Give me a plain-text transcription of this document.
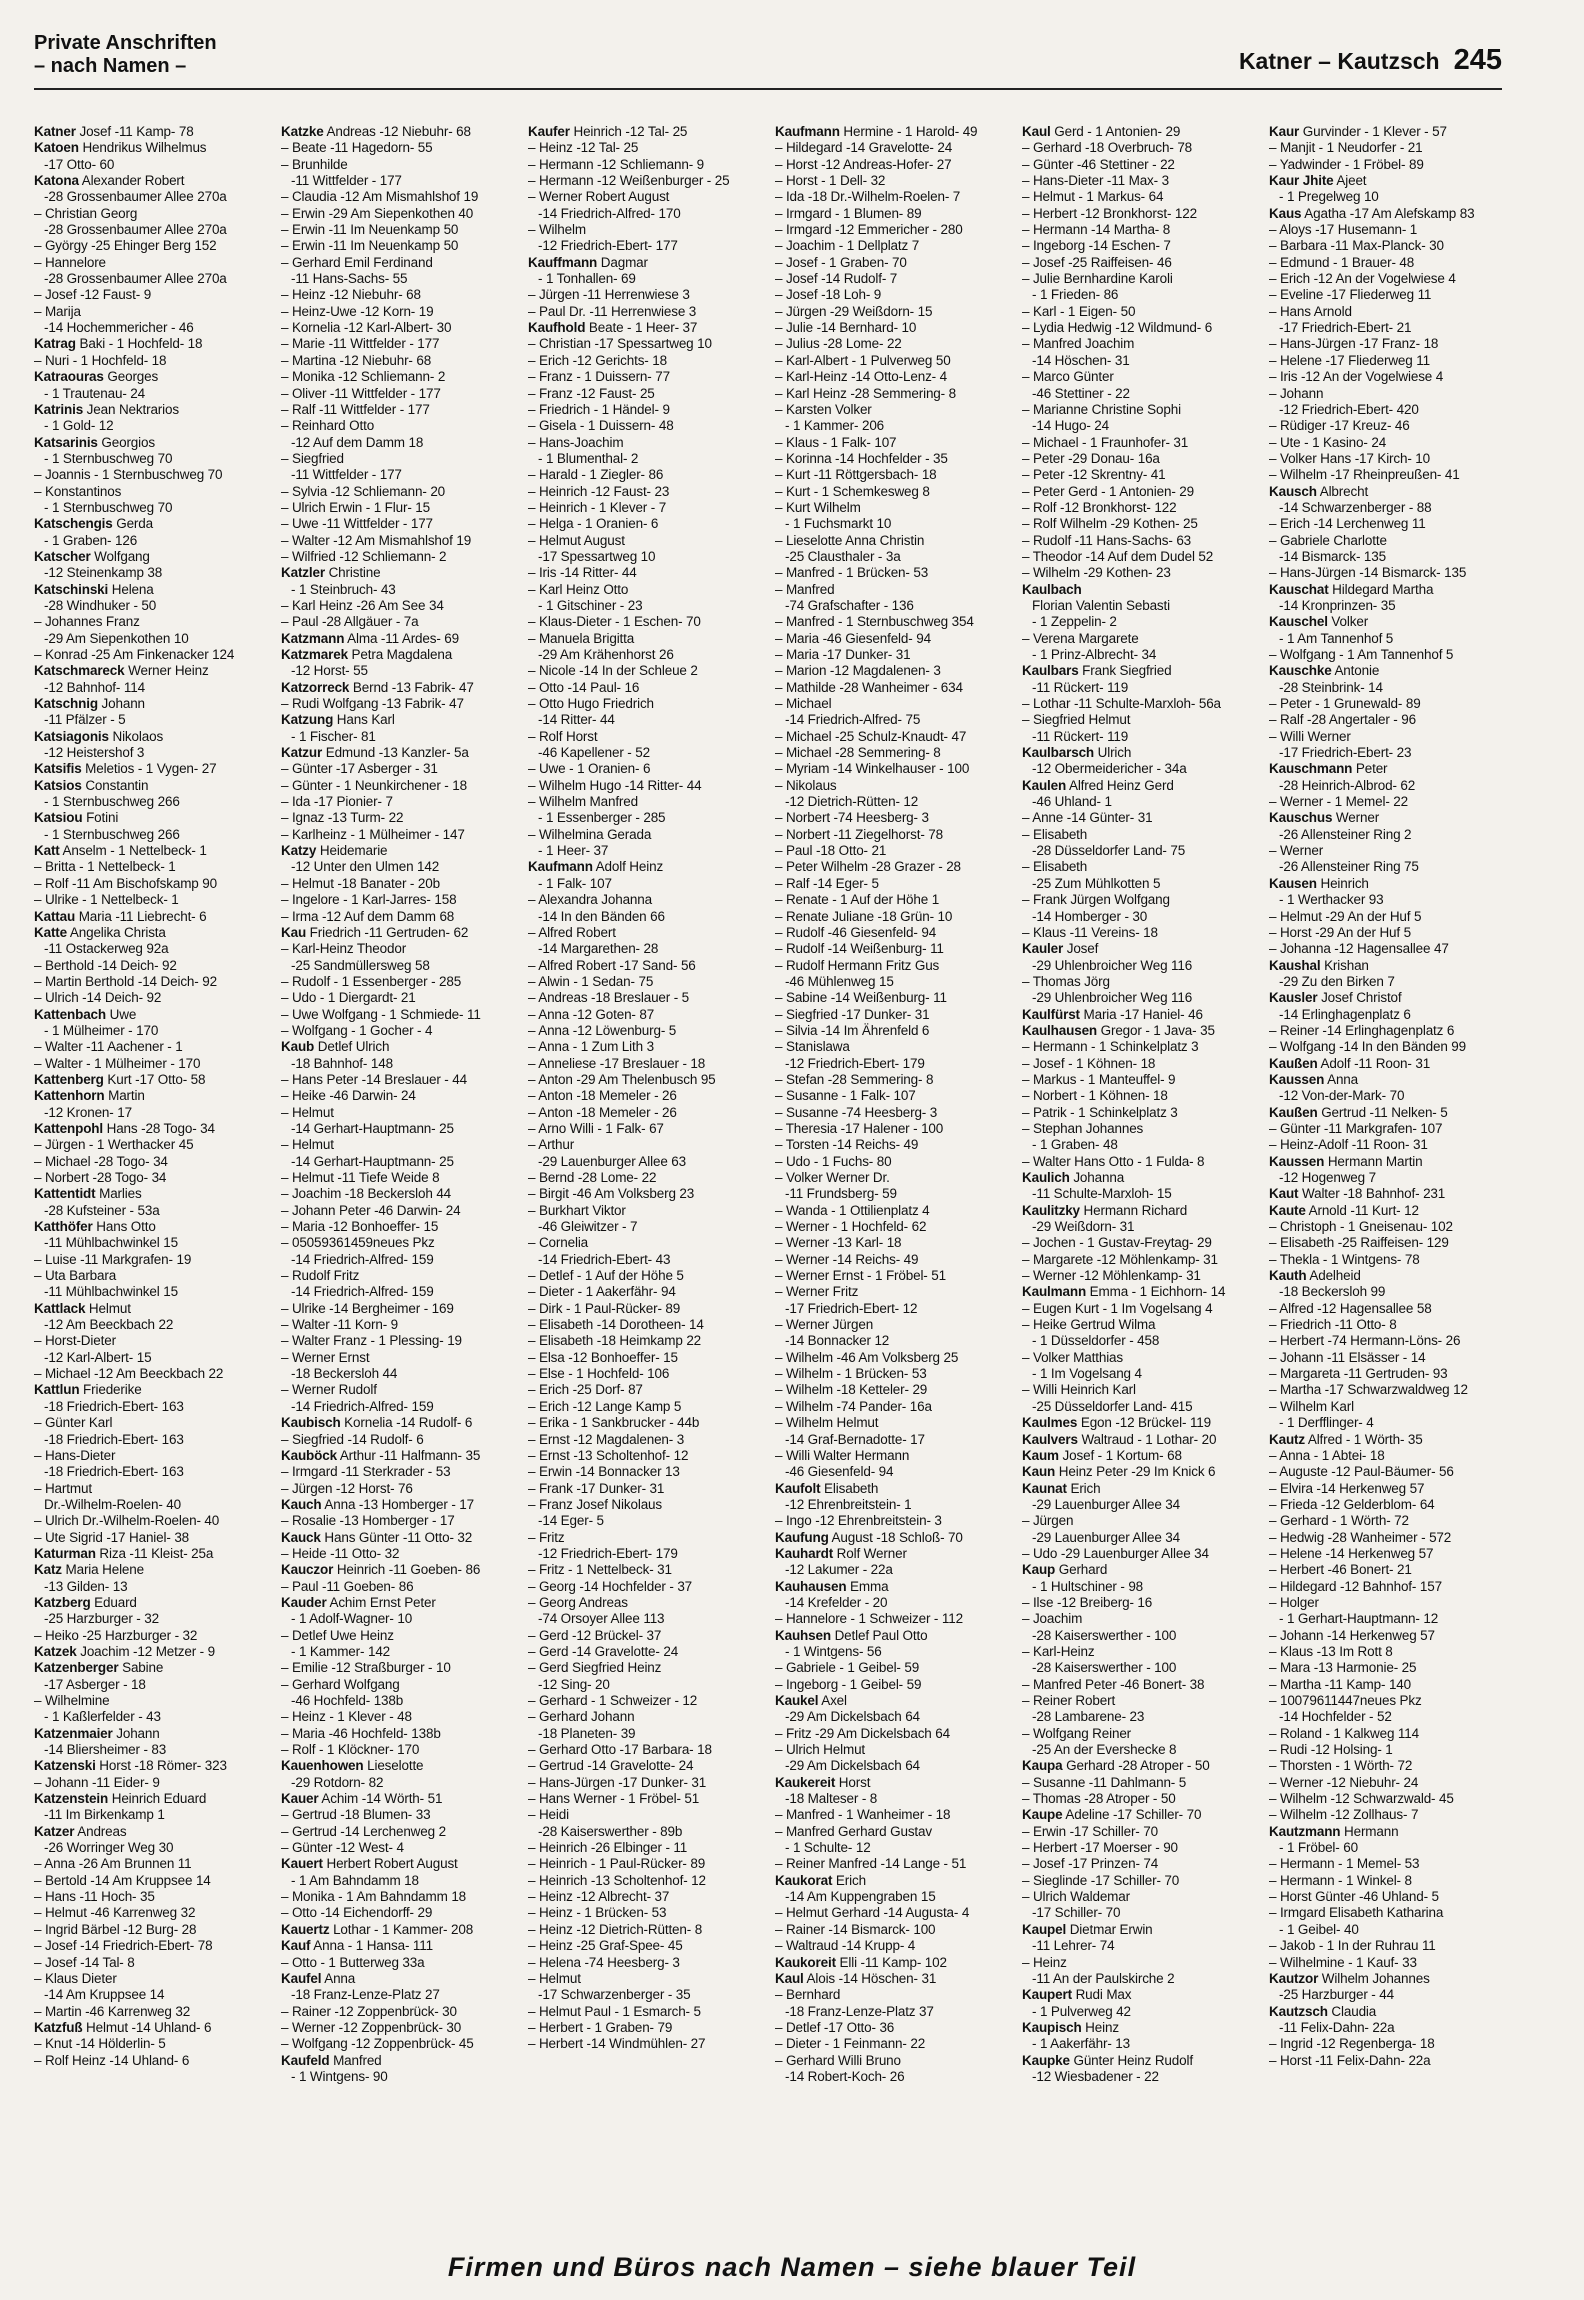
Private Anschriften
– nach Namen –	Katner – Kautzsch 245
Katner Josef -11 Kamp- 78
Katoen Hendrikus Wilhelmus
-17 Otto- 60
Katona Alexander Robert
-28 Grossenbaumer Allee 270a
– Christian Georg
-28 Grossenbaumer Allee 270a
– György -25 Ehinger Berg 152
– Hannelore
-28 Grossenbaumer Allee 270a
– Josef -12 Faust- 9
– Marija
-14 Hochemmericher - 46
Katrag Baki - 1 Hochfeld- 18
– Nuri - 1 Hochfeld- 18
Katraouras Georges
- 1 Trautenau- 24
Katrinis Jean Nektrarios
- 1 Gold- 12
Katsarinis Georgios
- 1 Sternbuschweg 70
– Joannis - 1 Sternbuschweg 70
– Konstantinos
- 1 Sternbuschweg 70
Katschengis Gerda
- 1 Graben- 126
Katscher Wolfgang
-12 Steinenkamp 38
Katschinski Helena
-28 Windhuker - 50
– Johannes Franz
-29 Am Siepenkothen 10
– Konrad -25 Am Finkenacker 124
Katschmareck Werner Heinz
-12 Bahnhof- 114
Katschnig Johann
-11 Pfälzer - 5
Katsiagonis Nikolaos
-12 Heistershof 3
Katsifis Meletios - 1 Vygen- 27
Katsios Constantin
- 1 Sternbuschweg 266
Katsiou Fotini
- 1 Sternbuschweg 266
Katt Anselm - 1 Nettelbeck- 1
– Britta - 1 Nettelbeck- 1
– Rolf -11 Am Bischofskamp 90
– Ulrike - 1 Nettelbeck- 1
Kattau Maria -11 Liebrecht- 6
Katte Angelika Christa
-11 Ostackerweg 92a
– Berthold -14 Deich- 92
– Martin Berthold -14 Deich- 92
– Ulrich -14 Deich- 92
Kattenbach Uwe
- 1 Mülheimer - 170
– Walter -11 Aachener - 1
– Walter - 1 Mülheimer - 170
Kattenberg Kurt -17 Otto- 58
Kattenhorn Martin
-12 Kronen- 17
Kattenpohl Hans -28 Togo- 34
– Jürgen - 1 Werthacker 45
– Michael -28 Togo- 34
– Norbert -28 Togo- 34
Kattentidt Marlies
-28 Kufsteiner - 53a
Katthöfer Hans Otto
-11 Mühlbachwinkel 15
– Luise -11 Markgrafen- 19
– Uta Barbara
-11 Mühlbachwinkel 15
Kattlack Helmut
-12 Am Beeckbach 22
– Horst-Dieter
-12 Karl-Albert- 15
– Michael -12 Am Beeckbach 22
Kattlun Friederike
-18 Friedrich-Ebert- 163
– Günter Karl
-18 Friedrich-Ebert- 163
– Hans-Dieter
-18 Friedrich-Ebert- 163
– Hartmut
Dr.-Wilhelm-Roelen- 40
– Ulrich Dr.-Wilhelm-Roelen- 40
– Ute Sigrid -17 Haniel- 38
Katurman Riza -11 Kleist- 25a
Katz Maria Helene
-13 Gilden- 13
Katzberg Eduard
-25 Harzburger - 32
– Heiko -25 Harzburger - 32
Katzek Joachim -12 Metzer - 9
Katzenberger Sabine
-17 Asberger - 18
– Wilhelmine
- 1 Kaßlerfelder - 43
Katzenmaier Johann
-14 Bliersheimer - 83
Katzenski Horst -18 Römer- 323
– Johann -11 Eider- 9
Katzenstein Heinrich Eduard
-11 Im Birkenkamp 1
Katzer Andreas
-26 Worringer Weg 30
– Anna -26 Am Brunnen 11
– Bertold -14 Am Kruppsee 14
– Hans -11 Hoch- 35
– Helmut -46 Karrenweg 32
– Ingrid Bärbel -12 Burg- 28
– Josef -14 Friedrich-Ebert- 78
– Josef -14 Tal- 8
– Klaus Dieter
-14 Am Kruppsee 14
– Martin -46 Karrenweg 32
Katzfuß Helmut -14 Uhland- 6
– Knut -14 Hölderlin- 5
– Rolf Heinz -14 Uhland- 6
Katzke Andreas -12 Niebuhr- 68
– Beate -11 Hagedorn- 55
– Brunhilde
-11 Wittfelder - 177
– Claudia -12 Am Mismahlshof 19
– Erwin -29 Am Siepenkothen 40
– Erwin -11 Im Neuenkamp 50
– Erwin -11 Im Neuenkamp 50
– Gerhard Emil Ferdinand
-11 Hans-Sachs- 55
– Heinz -12 Niebuhr- 68
– Heinz-Uwe -12 Korn- 19
– Kornelia -12 Karl-Albert- 30
– Marie -11 Wittfelder - 177
– Martina -12 Niebuhr- 68
– Monika -12 Schliemann- 2
– Oliver -11 Wittfelder - 177
– Ralf -11 Wittfelder - 177
– Reinhard Otto
-12 Auf dem Damm 18
– Siegfried
-11 Wittfelder - 177
– Sylvia -12 Schliemann- 20
– Ulrich Erwin - 1 Flur- 15
– Uwe -11 Wittfelder - 177
– Walter -12 Am Mismahlshof 19
– Wilfried -12 Schliemann- 2
Katzler Christine
- 1 Steinbruch- 43
– Karl Heinz -26 Am See 34
– Paul -28 Allgäuer - 7a
Katzmann Alma -11 Ardes- 69
Katzmarek Petra Magdalena
-12 Horst- 55
Katzorreck Bernd -13 Fabrik- 47
– Rudi Wolfgang -13 Fabrik- 47
Katzung Hans Karl
- 1 Fischer- 81
Katzur Edmund -13 Kanzler- 5a
– Günter -17 Asberger - 31
– Günter - 1 Neunkirchener - 18
– Ida -17 Pionier- 7
– Ignaz -13 Turm- 22
– Karlheinz - 1 Mülheimer - 147
Katzy Heidemarie
-12 Unter den Ulmen 142
– Helmut -18 Banater - 20b
– Ingelore - 1 Karl-Jarres- 158
– Irma -12 Auf dem Damm 68
Kau Friedrich -11 Gertruden- 62
– Karl-Heinz Theodor
-25 Sandmüllersweg 58
– Rudolf - 1 Essenberger - 285
– Udo - 1 Diergardt- 21
– Uwe Wolfgang - 1 Schmiede- 11
– Wolfgang - 1 Gocher - 4
Kaub Detlef Ulrich
-18 Bahnhof- 148
– Hans Peter -14 Breslauer - 44
– Heike -46 Darwin- 24
– Helmut
-14 Gerhart-Hauptmann- 25
– Helmut
-14 Gerhart-Hauptmann- 25
– Helmut -11 Tiefe Weide 8
– Joachim -18 Beckersloh 44
– Johann Peter -46 Darwin- 24
– Maria -12 Bonhoeffer- 15
– 05059361459neues Pkz
-14 Friedrich-Alfred- 159
– Rudolf Fritz
-14 Friedrich-Alfred- 159
– Ulrike -14 Bergheimer - 169
– Walter -11 Korn- 9
– Walter Franz - 1 Plessing- 19
– Werner Ernst
-18 Beckersloh 44
– Werner Rudolf
-14 Friedrich-Alfred- 159
Kaubisch Kornelia -14 Rudolf- 6
– Siegfried -14 Rudolf- 6
Kauböck Arthur -11 Halfmann- 35
– Irmgard -11 Sterkrader - 53
– Jürgen -12 Horst- 76
Kauch Anna -13 Homberger - 17
– Rosalie -13 Homberger - 17
Kauck Hans Günter -11 Otto- 32
– Heide -11 Otto- 32
Kauczor Heinrich -11 Goeben- 86
– Paul -11 Goeben- 86
Kauder Achim Ernst Peter
- 1 Adolf-Wagner- 10
– Detlef Uwe Heinz
- 1 Kammer- 142
– Emilie -12 Straßburger - 10
– Gerhard Wolfgang
-46 Hochfeld- 138b
– Heinz - 1 Klever - 48
– Maria -46 Hochfeld- 138b
– Rolf - 1 Klöckner- 170
Kauenhowen Lieselotte
-29 Rotdorn- 82
Kauer Achim -14 Wörth- 51
– Gertrud -18 Blumen- 33
– Gertrud -14 Lerchenweg 2
– Günter -12 West- 4
Kauert Herbert Robert August
- 1 Am Bahndamm 18
– Monika - 1 Am Bahndamm 18
– Otto -14 Eichendorff- 29
Kauertz Lothar - 1 Kammer- 208
Kauf Anna - 1 Hansa- 111
– Otto - 1 Butterweg 33a
Kaufel Anna
-18 Franz-Lenze-Platz 27
– Rainer -12 Zoppenbrück- 30
– Werner -12 Zoppenbrück- 30
– Wolfgang -12 Zoppenbrück- 45
Kaufeld Manfred
- 1 Wintgens- 90
Kaufer Heinrich -12 Tal- 25
– Heinz -12 Tal- 25
– Hermann -12 Schliemann- 9
– Hermann -12 Weißenburger - 25
– Werner Robert August
-14 Friedrich-Alfred- 170
– Wilhelm
-12 Friedrich-Ebert- 177
Kauffmann Dagmar
- 1 Tonhallen- 69
– Jürgen -11 Herrenwiese 3
– Paul Dr. -11 Herrenwiese 3
Kaufhold Beate - 1 Heer- 37
– Christian -17 Spessartweg 10
– Erich -12 Gerichts- 18
– Franz - 1 Duissern- 77
– Franz -12 Faust- 25
– Friedrich - 1 Händel- 9
– Gisela - 1 Duissern- 48
– Hans-Joachim
- 1 Blumenthal- 2
– Harald - 1 Ziegler- 86
– Heinrich -12 Faust- 23
– Heinrich - 1 Klever - 7
– Helga - 1 Oranien- 6
– Helmut August
-17 Spessartweg 10
– Iris -14 Ritter- 44
– Karl Heinz Otto
- 1 Gitschiner - 23
– Klaus-Dieter - 1 Eschen- 70
– Manuela Brigitta
-29 Am Krähenhorst 26
– Nicole -14 In der Schleue 2
– Otto -14 Paul- 16
– Otto Hugo Friedrich
-14 Ritter- 44
– Rolf Horst
-46 Kapellener - 52
– Uwe - 1 Oranien- 6
– Wilhelm Hugo -14 Ritter- 44
– Wilhelm Manfred
- 1 Essenberger - 285
– Wilhelmina Gerada
- 1 Heer- 37
Kaufmann Adolf Heinz
- 1 Falk- 107
– Alexandra Johanna
-14 In den Bänden 66
– Alfred Robert
-14 Margarethen- 28
– Alfred Robert -17 Sand- 56
– Alwin - 1 Sedan- 75
– Andreas -18 Breslauer - 5
– Anna -12 Goten- 87
– Anna -12 Löwenburg- 5
– Anna - 1 Zum Lith 3
– Anneliese -17 Breslauer - 18
– Anton -29 Am Thelenbusch 95
– Anton -18 Memeler - 26
– Anton -18 Memeler - 26
– Arno Willi - 1 Falk- 67
– Arthur
-29 Lauenburger Allee 63
– Bernd -28 Lome- 22
– Birgit -46 Am Volksberg 23
– Burkhart Viktor
-46 Gleiwitzer - 7
– Cornelia
-14 Friedrich-Ebert- 43
– Detlef - 1 Auf der Höhe 5
– Dieter - 1 Aakerfähr- 94
– Dirk - 1 Paul-Rücker- 89
– Elisabeth -14 Dorotheen- 14
– Elisabeth -18 Heimkamp 22
– Elsa -12 Bonhoeffer- 15
– Else - 1 Hochfeld- 106
– Erich -25 Dorf- 87
– Erich -12 Lange Kamp 5
– Erika - 1 Sankbrucker - 44b
– Ernst -12 Magdalenen- 3
– Ernst -13 Scholtenhof- 12
– Erwin -14 Bonnacker 13
– Frank -17 Dunker- 31
– Franz Josef Nikolaus
-14 Eger- 5
– Fritz
-12 Friedrich-Ebert- 179
– Fritz - 1 Nettelbeck- 31
– Georg -14 Hochfelder - 37
– Georg Andreas
-74 Orsoyer Allee 113
– Gerd -12 Brückel- 37
– Gerd -14 Gravelotte- 24
– Gerd Siegfried Heinz
-12 Sing- 20
– Gerhard - 1 Schweizer - 12
– Gerhard Johann
-18 Planeten- 39
– Gerhard Otto -17 Barbara- 18
– Gertrud -14 Gravelotte- 24
– Hans-Jürgen -17 Dunker- 31
– Hans Werner - 1 Fröbel- 51
– Heidi
-28 Kaiserswerther - 89b
– Heinrich -26 Elbinger - 11
– Heinrich - 1 Paul-Rücker- 89
– Heinrich -13 Scholtenhof- 12
– Heinz -12 Albrecht- 37
– Heinz - 1 Brücken- 53
– Heinz -12 Dietrich-Rütten- 8
– Heinz -25 Graf-Spee- 45
– Helena -74 Heesberg- 3
– Helmut
-17 Schwarzenberger - 35
– Helmut Paul - 1 Esmarch- 5
– Herbert - 1 Graben- 79
– Herbert -14 Windmühlen- 27
Kaufmann Hermine - 1 Harold- 49
– Hildegard -14 Gravelotte- 24
– Horst -12 Andreas-Hofer- 27
– Horst - 1 Dell- 32
– Ida -18 Dr.-Wilhelm-Roelen- 7
– Irmgard - 1 Blumen- 89
– Irmgard -12 Emmericher - 280
– Joachim - 1 Dellplatz 7
– Josef - 1 Graben- 70
– Josef -14 Rudolf- 7
– Josef -18 Loh- 9
– Jürgen -29 Weißdorn- 15
– Julie -14 Bernhard- 10
– Julius -28 Lome- 22
– Karl-Albert - 1 Pulverweg 50
– Karl-Heinz -14 Otto-Lenz- 4
– Karl Heinz -28 Semmering- 8
– Karsten Volker
- 1 Kammer- 206
– Klaus - 1 Falk- 107
– Korinna -14 Hochfelder - 35
– Kurt -11 Röttgersbach- 18
– Kurt - 1 Schemkesweg 8
– Kurt Wilhelm
- 1 Fuchsmarkt 10
– Lieselotte Anna Christin
-25 Clausthaler - 3a
– Manfred - 1 Brücken- 53
– Manfred
-74 Grafschafter - 136
– Manfred - 1 Sternbuschweg 354
– Maria -46 Giesenfeld- 94
– Maria -17 Dunker- 31
– Marion -12 Magdalenen- 3
– Mathilde -28 Wanheimer - 634
– Michael
-14 Friedrich-Alfred- 75
– Michael -25 Schulz-Knaudt- 47
– Michael -28 Semmering- 8
– Myriam -14 Winkelhauser - 100
– Nikolaus
-12 Dietrich-Rütten- 12
– Norbert -74 Heesberg- 3
– Norbert -11 Ziegelhorst- 78
– Paul -18 Otto- 21
– Peter Wilhelm -28 Grazer - 28
– Ralf -14 Eger- 5
– Renate - 1 Auf der Höhe 1
– Renate Juliane -18 Grün- 10
– Rudolf -46 Giesenfeld- 94
– Rudolf -14 Weißenburg- 11
– Rudolf Hermann Fritz Gus
-46 Mühlenweg 15
– Sabine -14 Weißenburg- 11
– Siegfried -17 Dunker- 31
– Silvia -14 Im Ährenfeld 6
– Stanislawa
-12 Friedrich-Ebert- 179
– Stefan -28 Semmering- 8
– Susanne - 1 Falk- 107
– Susanne -74 Heesberg- 3
– Theresia -17 Halener - 100
– Torsten -14 Reichs- 49
– Udo - 1 Fuchs- 80
– Volker Werner Dr.
-11 Frundsberg- 59
– Wanda - 1 Ottilienplatz 4
– Werner - 1 Hochfeld- 62
– Werner -13 Karl- 18
– Werner -14 Reichs- 49
– Werner Ernst - 1 Fröbel- 51
– Werner Fritz
-17 Friedrich-Ebert- 12
– Werner Jürgen
-14 Bonnacker 12
– Wilhelm -46 Am Volksberg 25
– Wilhelm - 1 Brücken- 53
– Wilhelm -18 Ketteler- 29
– Wilhelm -74 Pander- 16a
– Wilhelm Helmut
-14 Graf-Bernadotte- 17
– Willi Walter Hermann
-46 Giesenfeld- 94
Kaufolt Elisabeth
-12 Ehrenbreitstein- 1
– Ingo -12 Ehrenbreitstein- 3
Kaufung August -18 Schloß- 70
Kauhardt Rolf Werner
-12 Lakumer - 22a
Kauhausen Emma
-14 Krefelder - 20
– Hannelore - 1 Schweizer - 112
Kauhsen Detlef Paul Otto
- 1 Wintgens- 56
– Gabriele - 1 Geibel- 59
– Ingeborg - 1 Geibel- 59
Kaukel Axel
-29 Am Dickelsbach 64
– Fritz -29 Am Dickelsbach 64
– Ulrich Helmut
-29 Am Dickelsbach 64
Kaukereit Horst
-18 Malteser - 8
– Manfred - 1 Wanheimer - 18
– Manfred Gerhard Gustav
- 1 Schulte- 12
– Reiner Manfred -14 Lange - 51
Kaukorat Erich
-14 Am Kuppengraben 15
– Helmut Gerhard -14 Augusta- 4
– Rainer -14 Bismarck- 100
– Waltraud -14 Krupp- 4
Kaukoreit Elli -11 Kamp- 102
Kaul Alois -14 Höschen- 31
– Bernhard
-18 Franz-Lenze-Platz 37
– Detlef -17 Otto- 36
– Dieter - 1 Feinmann- 22
– Gerhard Willi Bruno
-14 Robert-Koch- 26
Kaul Gerd - 1 Antonien- 29
– Gerhard -18 Overbruch- 78
– Günter -46 Stettiner - 22
– Hans-Dieter -11 Max- 3
– Helmut - 1 Markus- 64
– Herbert -12 Bronkhorst- 122
– Hermann -14 Martha- 8
– Ingeborg -14 Eschen- 7
– Josef -25 Raiffeisen- 46
– Julie Bernhardine Karoli
- 1 Frieden- 86
– Karl - 1 Eigen- 50
– Lydia Hedwig -12 Wildmund- 6
– Manfred Joachim
-14 Höschen- 31
– Marco Günter
-46 Stettiner - 22
– Marianne Christine Sophi
-14 Hugo- 24
– Michael - 1 Fraunhofer- 31
– Peter -29 Donau- 16a
– Peter -12 Skrentny- 41
– Peter Gerd - 1 Antonien- 29
– Rolf -12 Bronkhorst- 122
– Rolf Wilhelm -29 Kothen- 25
– Rudolf -11 Hans-Sachs- 63
– Theodor -14 Auf dem Dudel 52
– Wilhelm -29 Kothen- 23
Kaulbach
Florian Valentin Sebasti
- 1 Zeppelin- 2
– Verena Margarete
- 1 Prinz-Albrecht- 34
Kaulbars Frank Siegfried
-11 Rückert- 119
– Lothar -11 Schulte-Marxloh- 56a
– Siegfried Helmut
-11 Rückert- 119
Kaulbarsch Ulrich
-12 Obermeidericher - 34a
Kaulen Alfred Heinz Gerd
-46 Uhland- 1
– Anne -14 Günter- 31
– Elisabeth
-28 Düsseldorfer Land- 75
– Elisabeth
-25 Zum Mühlkotten 5
– Frank Jürgen Wolfgang
-14 Homberger - 30
– Klaus -11 Vereins- 18
Kauler Josef
-29 Uhlenbroicher Weg 116
– Thomas Jörg
-29 Uhlenbroicher Weg 116
Kaulfürst Maria -17 Haniel- 46
Kaulhausen Gregor - 1 Java- 35
– Hermann - 1 Schinkelplatz 3
– Josef - 1 Köhnen- 18
– Markus - 1 Manteuffel- 9
– Norbert - 1 Köhnen- 18
– Patrik - 1 Schinkelplatz 3
– Stephan Johannes
- 1 Graben- 48
– Walter Hans Otto - 1 Fulda- 8
Kaulich Johanna
-11 Schulte-Marxloh- 15
Kaulitzky Hermann Richard
-29 Weißdorn- 31
– Jochen - 1 Gustav-Freytag- 29
– Margarete -12 Möhlenkamp- 31
– Werner -12 Möhlenkamp- 31
Kaulmann Emma - 1 Eichhorn- 14
– Eugen Kurt - 1 Im Vogelsang 4
– Heike Gertrud Wilma
- 1 Düsseldorfer - 458
– Volker Matthias
- 1 Im Vogelsang 4
– Willi Heinrich Karl
-25 Düsseldorfer Land- 415
Kaulmes Egon -12 Brückel- 119
Kaulvers Waltraud - 1 Lothar- 20
Kaum Josef - 1 Kortum- 68
Kaun Heinz Peter -29 Im Knick 6
Kaunat Erich
-29 Lauenburger Allee 34
– Jürgen
-29 Lauenburger Allee 34
– Udo -29 Lauenburger Allee 34
Kaup Gerhard
- 1 Hultschiner - 98
– Ilse -12 Breiberg- 16
– Joachim
-28 Kaiserswerther - 100
– Karl-Heinz
-28 Kaiserswerther - 100
– Manfred Peter -46 Bonert- 38
– Reiner Robert
-28 Lambarene- 23
– Wolfgang Reiner
-25 An der Evershecke 8
Kaupa Gerhard -28 Atroper - 50
– Susanne -11 Dahlmann- 5
– Thomas -28 Atroper - 50
Kaupe Adeline -17 Schiller- 70
– Erwin -17 Schiller- 70
– Herbert -17 Moerser - 90
– Josef -17 Prinzen- 74
– Sieglinde -17 Schiller- 70
– Ulrich Waldemar
-17 Schiller- 70
Kaupel Dietmar Erwin
-11 Lehrer- 74
– Heinz
-11 An der Paulskirche 2
Kaupert Rudi Max
- 1 Pulverweg 42
Kaupisch Heinz
- 1 Aakerfähr- 13
Kaupke Günter Heinz Rudolf
-12 Wiesbadener - 22
Kaur Gurvinder - 1 Klever - 57
– Manjit - 1 Neudorfer - 21
– Yadwinder - 1 Fröbel- 89
Kaur Jhite Ajeet
- 1 Pregelweg 10
Kaus Agatha -17 Am Alefskamp 83
– Aloys -17 Husemann- 1
– Barbara -11 Max-Planck- 30
– Edmund - 1 Brauer- 48
– Erich -12 An der Vogelwiese 4
– Eveline -17 Fliederweg 11
– Hans Arnold
-17 Friedrich-Ebert- 21
– Hans-Jürgen -17 Franz- 18
– Helene -17 Fliederweg 11
– Iris -12 An der Vogelwiese 4
– Johann
-12 Friedrich-Ebert- 420
– Rüdiger -17 Kreuz- 46
– Ute - 1 Kasino- 24
– Volker Hans -17 Kirch- 10
– Wilhelm -17 Rheinpreußen- 41
Kausch Albrecht
-14 Schwarzenberger - 88
– Erich -14 Lerchenweg 11
– Gabriele Charlotte
-14 Bismarck- 135
– Hans-Jürgen -14 Bismarck- 135
Kauschat Hildegard Martha
-14 Kronprinzen- 35
Kauschel Volker
- 1 Am Tannenhof 5
– Wolfgang - 1 Am Tannenhof 5
Kauschke Antonie
-28 Steinbrink- 14
– Peter - 1 Grunewald- 89
– Ralf -28 Angertaler - 96
– Willi Werner
-17 Friedrich-Ebert- 23
Kauschmann Peter
-28 Heinrich-Albrod- 62
– Werner - 1 Memel- 22
Kauschus Werner
-26 Allensteiner Ring 2
– Werner
-26 Allensteiner Ring 75
Kausen Heinrich
- 1 Werthacker 93
– Helmut -29 An der Huf 5
– Horst -29 An der Huf 5
– Johanna -12 Hagensallee 47
Kaushal Krishan
-29 Zu den Birken 7
Kausler Josef Christof
-14 Erlinghagenplatz 6
– Reiner -14 Erlinghagenplatz 6
– Wolfgang -14 In den Bänden 99
Kaußen Adolf -11 Roon- 31
Kaussen Anna
-12 Von-der-Mark- 70
Kaußen Gertrud -11 Nelken- 5
– Günter -11 Markgrafen- 107
– Heinz-Adolf -11 Roon- 31
Kaussen Hermann Martin
-12 Hogenweg 7
Kaut Walter -18 Bahnhof- 231
Kaute Arnold -11 Kurt- 12
– Christoph - 1 Gneisenau- 102
– Elisabeth -25 Raiffeisen- 129
– Thekla - 1 Wintgens- 78
Kauth Adelheid
-18 Beckersloh 99
– Alfred -12 Hagensallee 58
– Friedrich -11 Otto- 8
– Herbert -74 Hermann-Löns- 26
– Johann -11 Elsässer - 14
– Margareta -11 Gertruden- 93
– Martha -17 Schwarzwaldweg 12
– Wilhelm Karl
- 1 Derfflinger- 4
Kautz Alfred - 1 Wörth- 35
– Anna - 1 Abtei- 18
– Auguste -12 Paul-Bäumer- 56
– Elvira -14 Herkenweg 57
– Frieda -12 Gelderblom- 64
– Gerhard - 1 Wörth- 72
– Hedwig -28 Wanheimer - 572
– Helene -14 Herkenweg 57
– Herbert -46 Bonert- 21
– Hildegard -12 Bahnhof- 157
– Holger
- 1 Gerhart-Hauptmann- 12
– Johann -14 Herkenweg 57
– Klaus -13 Im Rott 8
– Mara -13 Harmonie- 25
– Martha -11 Kamp- 140
– 10079611447neues Pkz
-14 Hochfelder - 52
– Roland - 1 Kalkweg 114
– Rudi -12 Holsing- 1
– Thorsten - 1 Wörth- 72
– Werner -12 Niebuhr- 24
– Wilhelm -12 Schwarzwald- 45
– Wilhelm -12 Zollhaus- 7
Kautzmann Hermann
- 1 Fröbel- 60
– Hermann - 1 Memel- 53
– Hermann - 1 Winkel- 8
– Horst Günter -46 Uhland- 5
– Irmgard Elisabeth Katharina
- 1 Geibel- 40
– Jakob - 1 In der Ruhrau 11
– Wilhelmine - 1 Kauf- 33
Kautzor Wilhelm Johannes
-25 Harzburger - 44
Kautzsch Claudia
-11 Felix-Dahn- 22a
– Ingrid -12 Regenberga- 18
– Horst -11 Felix-Dahn- 22a
Firmen und Büros nach Namen – siehe blauer Teil
